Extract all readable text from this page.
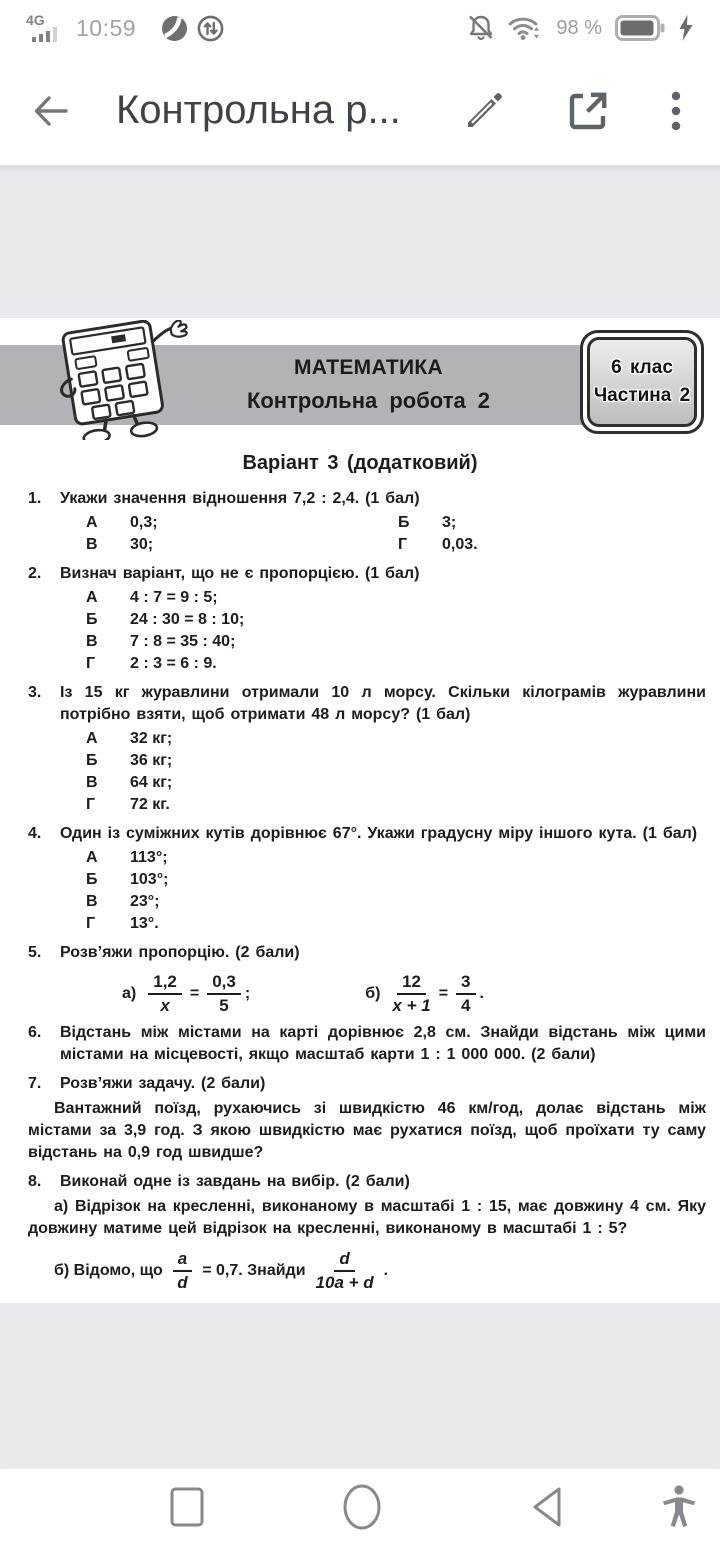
4G 10:59	98 %
Контрольна р...
МАТЕМАТИКА
Контрольна робота 2
6 клас
Частина 2
Варіант 3 (додатковий)
1.	Укажи значення відношення 7,2 : 2,4. (1 бал)
А	0,3;	Б	3;
В	30;	Г	0,03.
2.	Визнач варіант, що не є пропорцією. (1 бал)
А	4 : 7 = 9 : 5;
Б	24 : 30 = 8 : 10;
В	7 : 8 = 35 : 40;
Г	2 : 3 = 6 : 9.
3.	Із 15 кг журавлини отримали 10 л морсу. Скільки кілограмів журавлини потрібно взяти, щоб отримати 48 л морсу? (1 бал)
А	32 кг;
Б	36 кг;
В	64 кг;
Г	72 кг.
4.	Один із суміжних кутів дорівнює 67°. Укажи градусну міру іншого кута. (1 бал)
А	113°;
Б	103°;
В	23°;
Г	13°.
5.	Розв’яжи пропорцію. (2 бали)
$а) \frac{1,2}{x} = \frac{0,3}{5}$ ;	$б) \frac{12}{x + 1} = \frac{3}{4}$ .
6.	Відстань між містами на карті дорівнює 2,8 см. Знайди відстань між цими містами на місцевості, якщо масштаб карти 1 : 1 000 000. (2 бали)
7.	Розв’яжи задачу. (2 бали)
Вантажний поїзд, рухаючись зі швидкістю 46 км/год, долає відстань між містами за 3,9 год. З якою швидкістю має рухатися поїзд, щоб проїхати ту саму відстань на 0,9 год швидше?
8.	Виконай одне із завдань на вибір. (2 бали)
а) Відрізок на кресленні, виконаному в масштабі 1 : 15, має довжину 4 см. Яку довжину матиме цей відрізок на кресленні, виконаному в масштабі 1 : 5?
б) Відомо, що $\frac{a}{d} = 0,7$. Знайди $\frac{d}{10a + d}$ .
